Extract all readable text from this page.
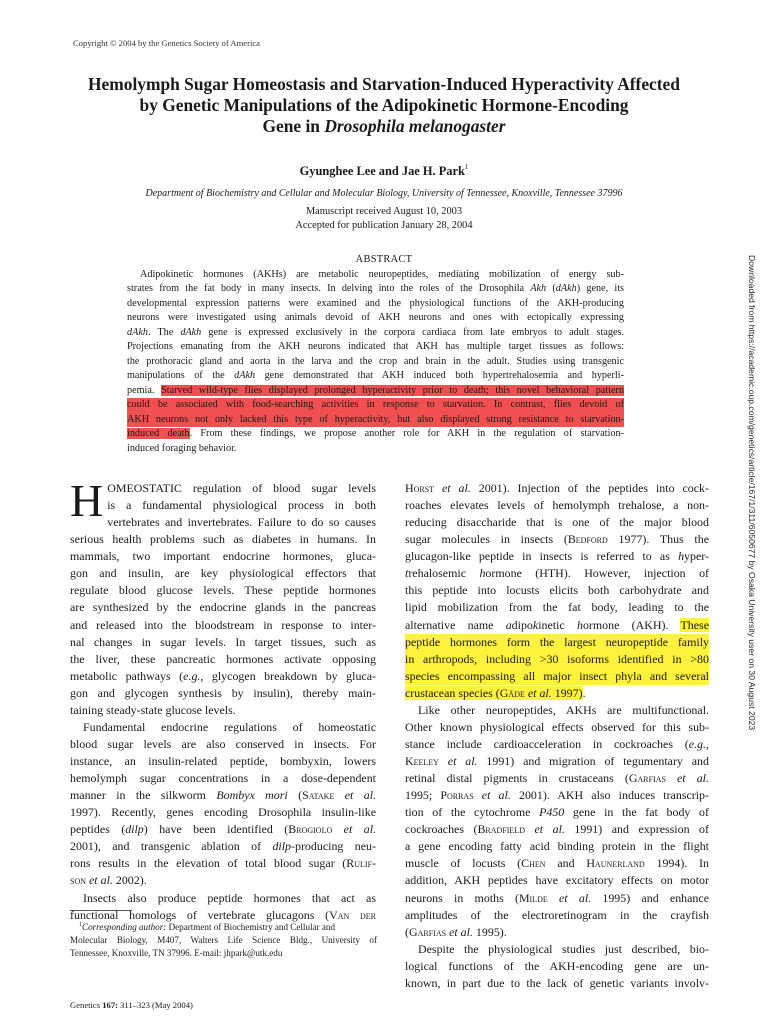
Copyright © 2004 by the Genetics Society of America
Hemolymph Sugar Homeostasis and Starvation-Induced Hyperactivity Affected
by Genetic Manipulations of the Adipokinetic Hormone-Encoding
Gene in Drosophila melanogaster
Gyunghee Lee and Jae H. Park$^1$
Department of Biochemistry and Cellular and Molecular Biology, University of Tennessee, Knoxville, Tennessee 37996
Manuscript received August 10, 2003
Accepted for publication January 28, 2004
ABSTRACT
Adipokinetic hormones (AKHs) are metabolic neuropeptides, mediating mobilization of energy sub-
strates from the fat body in many insects. In delving into the roles of the Drosophila Akh (dAkh) gene, its
developmental expression patterns were examined and the physiological functions of the AKH-producing
neurons were investigated using animals devoid of AKH neurons and ones with ectopically expressing
dAkh. The dAkh gene is expressed exclusively in the corpora cardiaca from late embryos to adult stages.
Projections emanating from the AKH neurons indicated that AKH has multiple target tissues as follows:
the prothoracic gland and aorta in the larva and the crop and brain in the adult. Studies using transgenic
manipulations of the dAkh gene demonstrated that AKH induced both hypertrehalosemia and hyperli-
pemia. Starved wild-type flies displayed prolonged hyperactivity prior to death; this novel behavioral pattern
could be associated with food-searching activities in response to starvation. In contrast, flies devoid of
AKH neurons not only lacked this type of hyperactivity, but also displayed strong resistance to starvation-
induced death. From these findings, we propose another role for AKH in the regulation of starvation-
induced foraging behavior.
H OMEOSTATIC regulation of blood sugar levels
is a fundamental physiological process in both
vertebrates and invertebrates. Failure to do so causes
serious health problems such as diabetes in humans. In
mammals, two important endocrine hormones, gluca-
gon and insulin, are key physiological effectors that
regulate blood glucose levels. These peptide hormones
are synthesized by the endocrine glands in the pancreas
and released into the bloodstream in response to inter-
nal changes in sugar levels. In target tissues, such as
the liver, these pancreatic hormones activate opposing
metabolic pathways (e.g., glycogen breakdown by gluca-
gon and glycogen synthesis by insulin), thereby main-
taining steady-state glucose levels.
Fundamental endocrine regulations of homeostatic
blood sugar levels are also conserved in insects. For
instance, an insulin-related peptide, bombyxin, lowers
hemolymph sugar concentrations in a dose-dependent
manner in the silkworm Bombyx mori (Satake et al.
1997). Recently, genes encoding Drosophila insulin-like
peptides (dilp) have been identified (Brogiolo et al.
2001), and transgenic ablation of dilp-producing neu-
rons results in the elevation of total blood sugar (Rulif-
son et al. 2002).
Insects also produce peptide hormones that act as
functional homologs of vertebrate glucagons (Van der
Horst et al. 2001). Injection of the peptides into cock-
roaches elevates levels of hemolymph trehalose, a non-
reducing disaccharide that is one of the major blood
sugar molecules in insects (Bedford 1977). Thus the
glucagon-like peptide in insects is referred to as hyper-
trehalosemic hormone (HTH). However, injection of
this peptide into locusts elicits both carbohydrate and
lipid mobilization from the fat body, leading to the
alternative name adipokinetic hormone (AKH). These
peptide hormones form the largest neuropeptide family
in arthropods, including >30 isoforms identified in >80
species encompassing all major insect phyla and several
crustacean species (Gäde et al. 1997).
Like other neuropeptides, AKHs are multifunctional.
Other known physiological effects observed for this sub-
stance include cardioacceleration in cockroaches (e.g.,
Keeley et al. 1991) and migration of tegumentary and
retinal distal pigments in crustaceans (Garfias et al.
1995; Porras et al. 2001). AKH also induces transcrip-
tion of the cytochrome P450 gene in the fat body of
cockroaches (Bradfield et al. 1991) and expression of
a gene encoding fatty acid binding protein in the flight
muscle of locusts (Chen and Haunerland 1994). In
addition, AKH peptides have excitatory effects on motor
neurons in moths (Milde et al. 1995) and enhance
amplitudes of the electroretinogram in the crayfish
(Garfias et al. 1995).
Despite the physiological studies just described, bio-
logical functions of the AKH-encoding gene are un-
known, in part due to the lack of genetic variants involv-
$^1$Corresponding author: Department of Biochemistry and Cellular and
Molecular Biology, M407, Walters Life Science Bldg., University of
Tennessee, Knoxville, TN 37996. E-mail: jhpark@utk.edu
Genetics 167: 311–323 (May 2004)
Downloaded from https://academic.oup.com/genetics/article/167/1/311/6050677 by Osaka University user on 30 August 2023
